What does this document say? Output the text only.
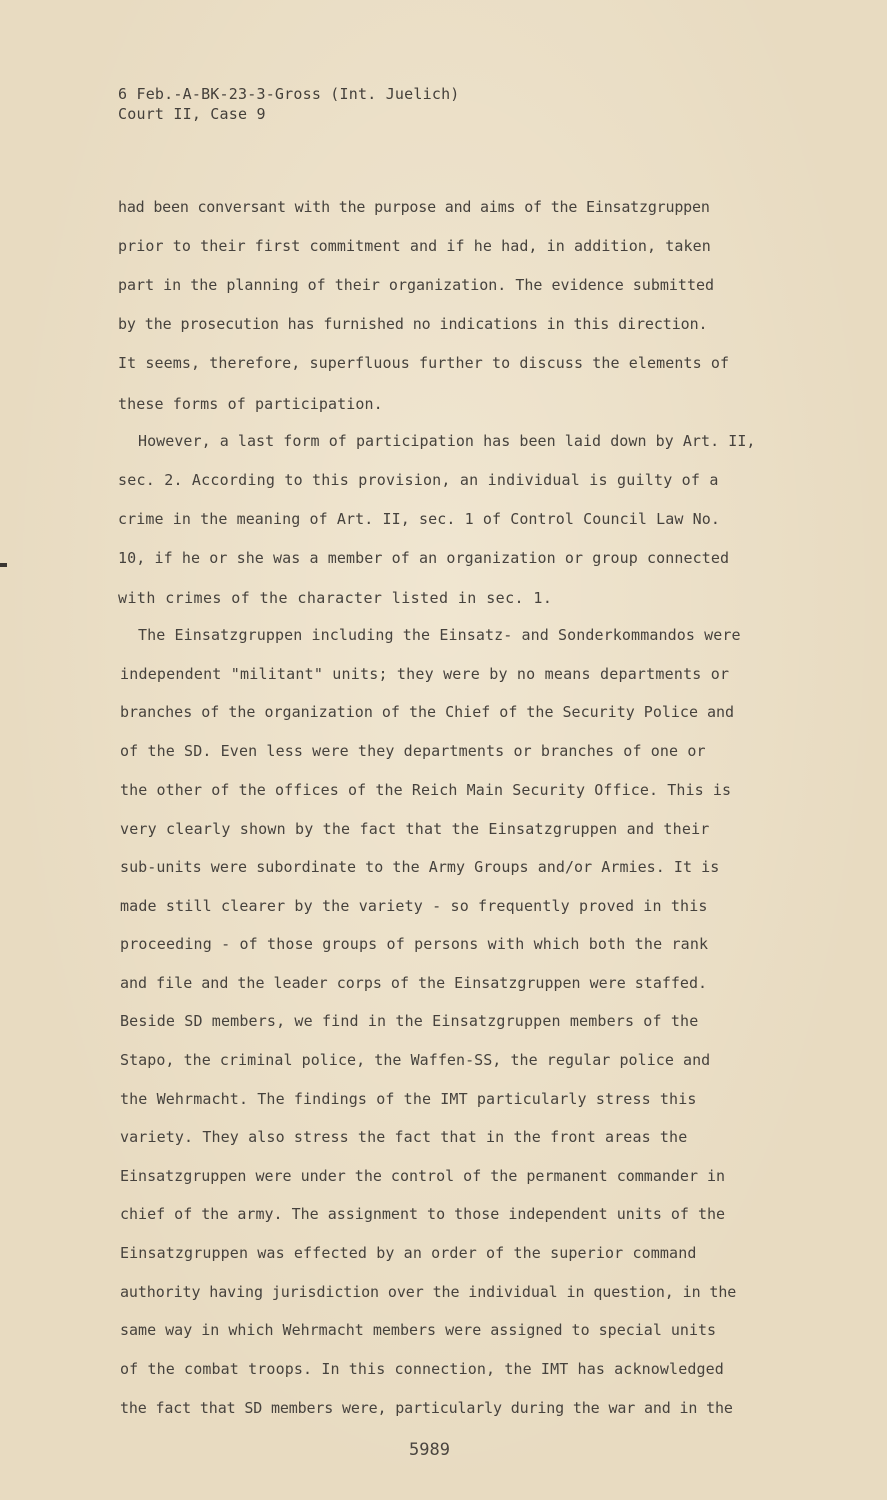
6 Feb.-A-BK-23-3-Gross (Int. Juelich)
Court II, Case 9
had been conversant with the purpose and aims of the Einsatzgruppen
prior to their first commitment and if he had, in addition, taken
part in the planning of their organization. The evidence submitted
by the prosecution has furnished no indications in this direction.
It seems, therefore, superfluous further to discuss the elements of
these forms of participation.
However, a last form of participation has been laid down by Art. II,
sec. 2. According to this provision, an individual is guilty of a
crime in the meaning of Art. II, sec. 1 of Control Council Law No.
10, if he or she was a member of an organization or group connected
with crimes of the character listed in sec. 1.
The Einsatzgruppen including the Einsatz- and Sonderkommandos were
independent "militant" units; they were by no means departments or
branches of the organization of the Chief of the Security Police and
of the SD. Even less were they departments or branches of one or
the other of the offices of the Reich Main Security Office. This is
very clearly shown by the fact that the Einsatzgruppen and their
sub-units were subordinate to the Army Groups and/or Armies. It is
made still clearer by the variety - so frequently proved in this
proceeding - of those groups of persons with which both the rank
and file and the leader corps of the Einsatzgruppen were staffed.
Beside SD members, we find in the Einsatzgruppen members of the
Stapo, the criminal police, the Waffen-SS, the regular police and
the Wehrmacht. The findings of the IMT particularly stress this
variety. They also stress the fact that in the front areas the
Einsatzgruppen were under the control of the permanent commander in
chief of the army. The assignment to those independent units of the
Einsatzgruppen was effected by an order of the superior command
authority having jurisdiction over the individual in question, in the
same way in which Wehrmacht members were assigned to special units
of the combat troops. In this connection, the IMT has acknowledged
the fact that SD members were, particularly during the war and in the
5989
